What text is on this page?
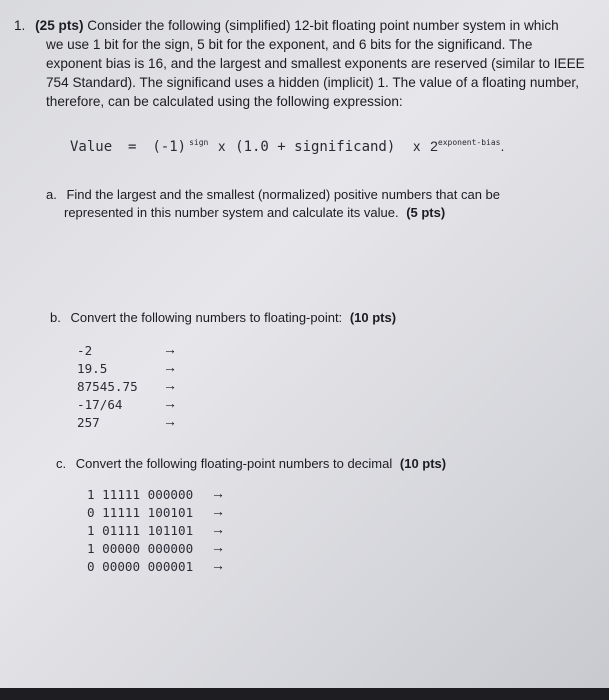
1. (25 pts) Consider the following (simplified) 12-bit floating point number system in which
we use 1 bit for the sign, 5 bit for the exponent, and 6 bits for the significand. The
exponent bias is 16, and the largest and smallest exponents are reserved (similar to IEEE
754 Standard). The significand uses a hidden (implicit) 1. The value of a floating number,
therefore, can be calculated using the following expression:
Value = (-1) $^{sign}$ x (1.0 + significand) x $2^{exponent-bias}$.
a. Find the largest and the smallest (normalized) positive numbers that can be
represented in this number system and calculate its value. (5 pts)
b. Convert the following numbers to floating-point: (10 pts)
-2
19.5
87545.75
-17/64
257
→
→
→
→
→
c. Convert the following floating-point numbers to decimal (10 pts)
1 11111 000000
0 11111 100101
1 01111 101101
1 00000 000000
0 00000 000001
→
→
→
→
→
